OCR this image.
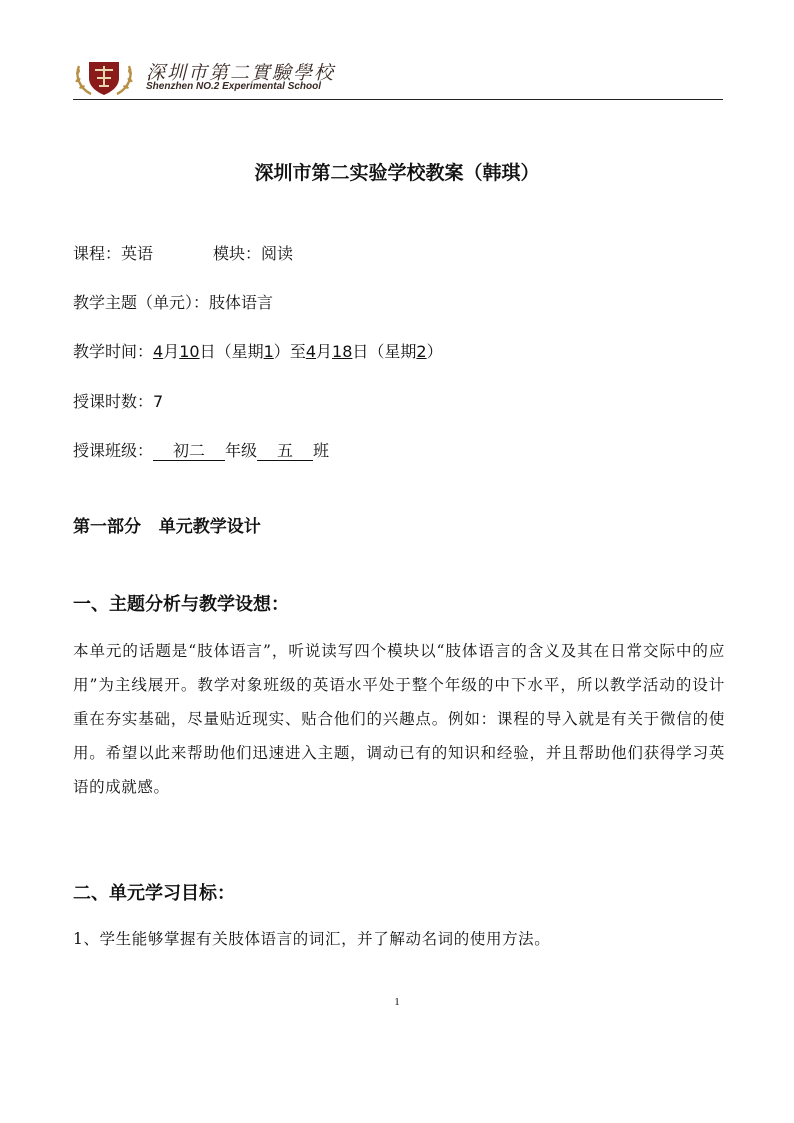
深圳市第二實驗學校
Shenzhen NO.2 Experimental School
深圳市第二实验学校教案（韩琪）
课程：英语	模块：阅读
教学主题（单元）：肢体语言
教学时间：4月10日（星期1）至4月18日（星期2）
授课时数：7
授课班级： 初二 年级 五 班
第一部分   单元教学设计
一、主题分析与教学设想：
本单元的话题是“肢体语言”，听说读写四个模块以“肢体语言的含义及其在日常交际中的应用”为主线展开。教学对象班级的英语水平处于整个年级的中下水平，所以教学活动的设计重在夯实基础，尽量贴近现实、贴合他们的兴趣点。例如：课程的导入就是有关于微信的使用。希望以此来帮助他们迅速进入主题，调动已有的知识和经验，并且帮助他们获得学习英语的成就感。
二、单元学习目标：
1、学生能够掌握有关肢体语言的词汇，并了解动名词的使用方法。
1
